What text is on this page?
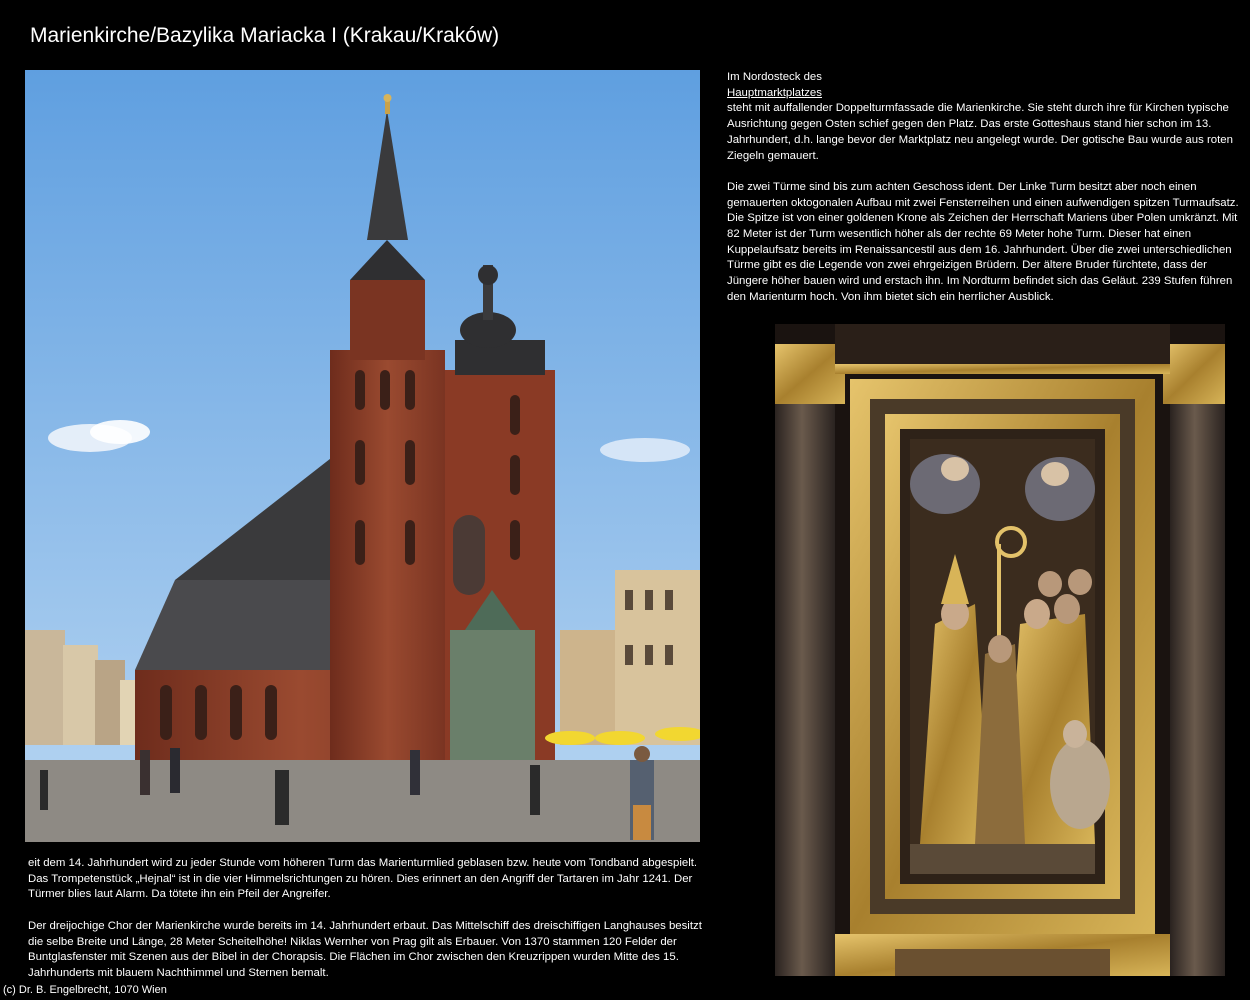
Marienkirche/Bazylika Mariacka I (Krakau/Kraków)

Im Nordosteck des
Hauptmarktplatzes
steht mit auffallender Doppelturmfassade die Marienkirche. Sie steht durch ihre für Kirchen typische Ausrichtung gegen Osten schief gegen den Platz. Das erste Gotteshaus stand hier schon im 13. Jahrhundert, d.h. lange bevor der Marktplatz neu angelegt wurde. Der gotische Bau wurde aus roten Ziegeln gemauert.

Die zwei Türme sind bis zum achten Geschoss ident. Der Linke Turm besitzt aber noch einen gemauerten oktogonalen Aufbau mit zwei Fensterreihen und einen aufwendigen spitzen Turmaufsatz. Die Spitze ist von einer goldenen Krone als Zeichen der Herrschaft Mariens über Polen umkränzt. Mit 82 Meter ist der Turm wesentlich höher als der rechte 69 Meter hohe Turm. Dieser hat einen Kuppelaufsatz bereits im Renaissancestil aus dem 16. Jahrhundert. Über die zwei unterschiedlichen Türme gibt es die Legende von zwei ehrgeizigen Brüdern. Der ältere Bruder fürchtete, dass der Jüngere höher bauen wird und erstach ihn. Im Nordturm befindet sich das Geläut. 239 Stufen führen den Marienturm hoch. Von ihm bietet sich ein herrlicher Ausblick.

eit dem 14. Jahrhundert wird zu jeder Stunde vom höheren Turm das Marienturmlied geblasen bzw. heute vom Tondband abgespielt. Das Trompetenstück „Hejnal“ ist in die vier Himmelsrichtungen zu hören. Dies erinnert an den Angriff der Tartaren im Jahr 1241. Der Türmer blies laut Alarm. Da tötete ihn ein Pfeil der Angreifer.

Der dreijochige Chor der Marienkirche wurde bereits im 14. Jahrhundert erbaut. Das Mittelschiff des dreischiffigen Langhauses besitzt die selbe Breite und Länge, 28 Meter Scheitelhöhe! Niklas Wernher von Prag gilt als Erbauer. Von 1370 stammen 120 Felder der Buntglasfenster mit Szenen aus der Bibel in der Chorapsis. Die Flächen im Chor zwischen den Kreuzrippen wurden Mitte des 15. Jahrhunderts mit blauem Nachthimmel und Sternen bemalt.

(c) Dr. B. Engelbrecht, 1070 Wien
